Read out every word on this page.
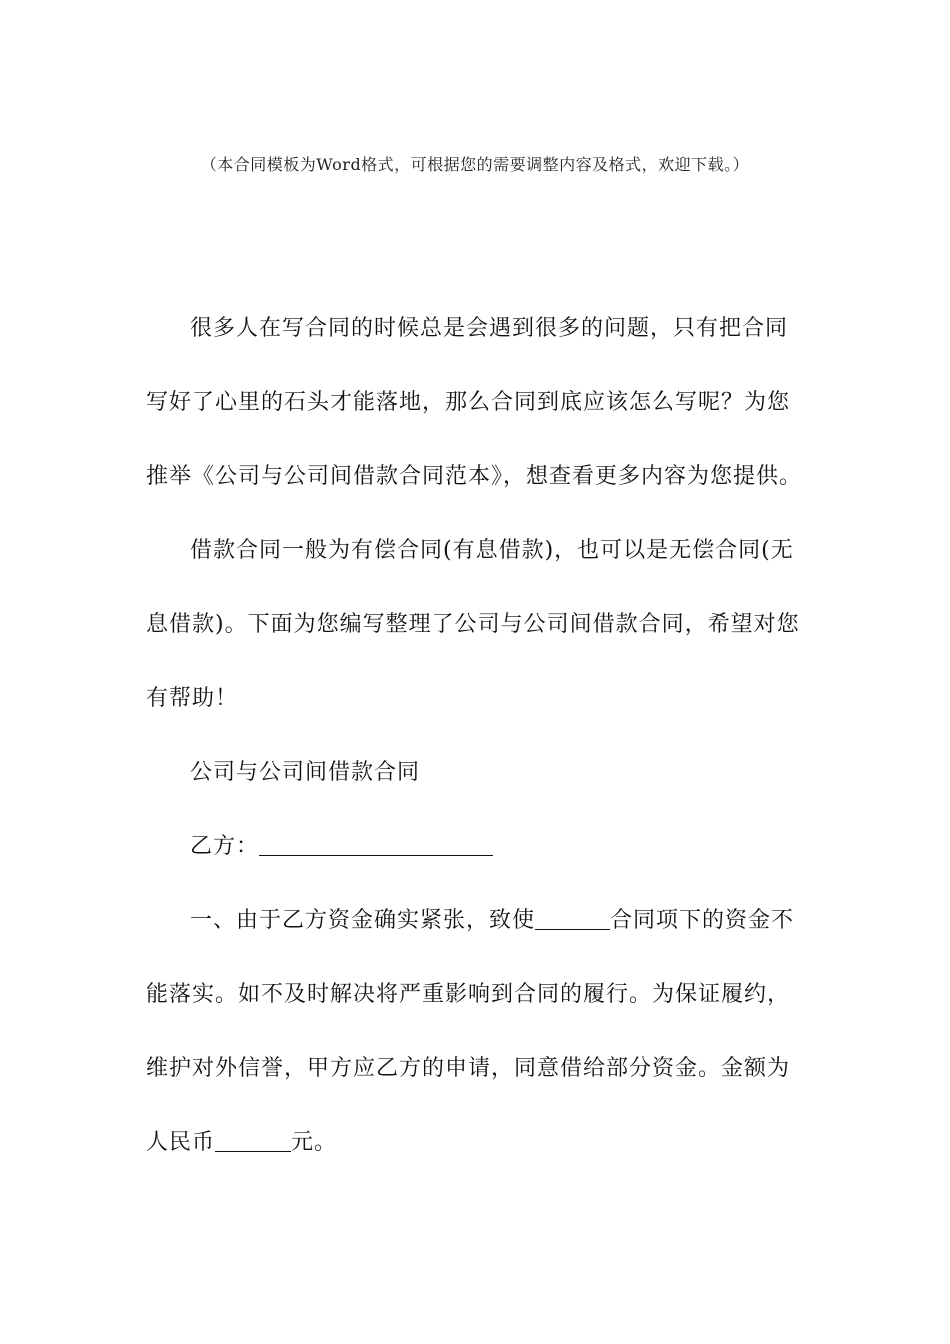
（本合同模板为Word格式，可根据您的需要调整内容及格式，欢迎下载。）

很多人在写合同的时候总是会遇到很多的问题，只有把合同写好了心里的石头才能落地，那么合同到底应该怎么写呢？为您推举《公司与公司间借款合同范本》，想查看更多内容为您提供。

借款合同一般为有偿合同(有息借款)，也可以是无偿合同(无息借款)。下面为您编写整理了公司与公司间借款合同，希望对您有帮助！

公司与公司间借款合同

乙方：

一、由于乙方资金确实紧张，致使	合同项下的资金不能落实。如不及时解决将严重影响到合同的履行。为保证履约，维护对外信誉，甲方应乙方的申请，同意借给部分资金。金额为人民币	元。
